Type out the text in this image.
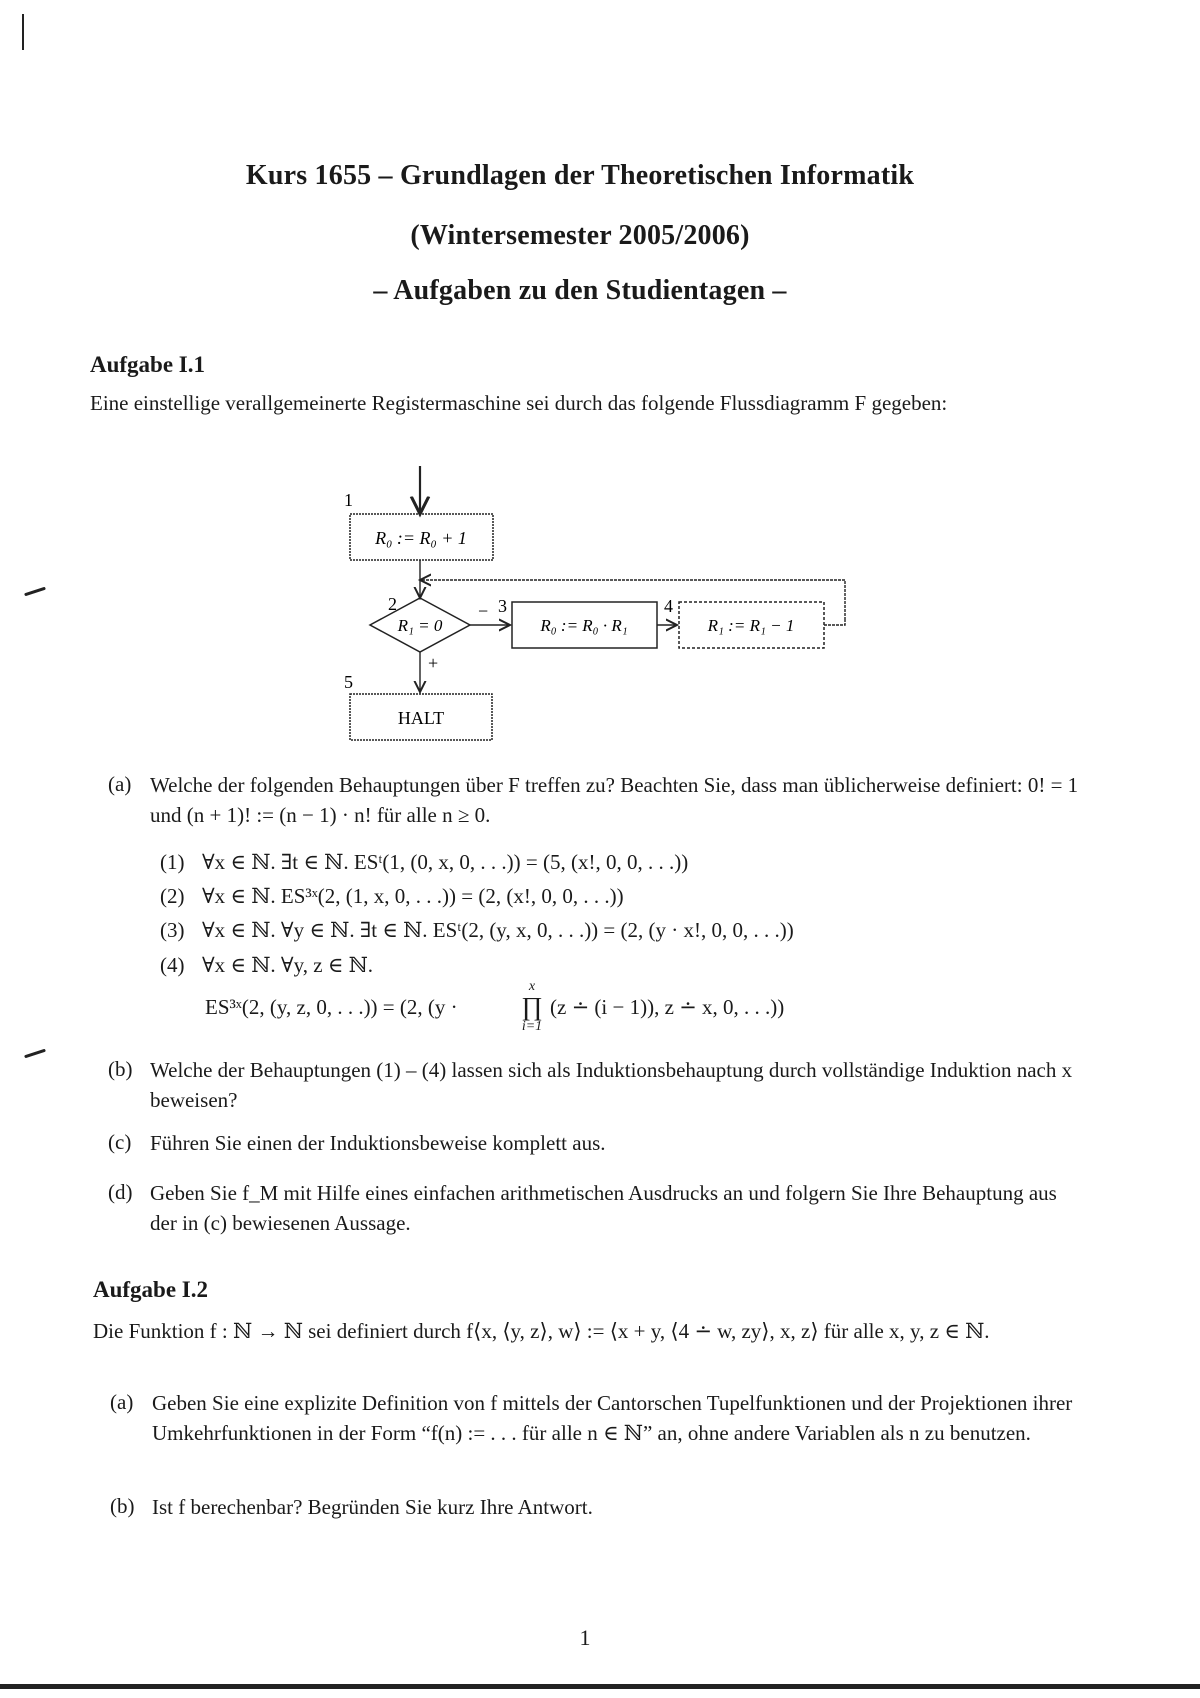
Kurs 1655 – Grundlagen der Theoretischen Informatik
(Wintersemester 2005/2006)
– Aufgaben zu den Studientagen –
Aufgabe I.1
Eine einstellige verallgemeinerte Registermaschine sei durch das folgende Flussdiagramm F gegeben:
1
R₀ := R₀ + 1
2
R₁ = 0
− 3
R₀ := R₀ · R₁
4
R₁ := R₁ − 1
+
5
HALT
(a) Welche der folgenden Behauptungen über F treffen zu? Beachten Sie, dass man üblicherweise definiert: 0! = 1 und (n + 1)! := (n − 1) · n! für alle n ≥ 0.
(1) ∀x ∈ ℕ. ∃t ∈ ℕ. ESᵗ(1, (0, x, 0, . . .)) = (5, (x!, 0, 0, . . .))
(2) ∀x ∈ ℕ. ES³ˣ(2, (1, x, 0, . . .)) = (2, (x!, 0, 0, . . .))
(3) ∀x ∈ ℕ. ∀y ∈ ℕ. ∃t ∈ ℕ. ESᵗ(2, (y, x, 0, . . .)) = (2, (y · x!, 0, 0, . . .))
(4) ∀x ∈ ℕ. ∀y, z ∈ ℕ.
ES³ˣ(2, (y, z, 0, . . .)) = (2, (y ·
x
∏
i=1
(z ∸ (i − 1)), z ∸ x, 0, . . .))
(b) Welche der Behauptungen (1) – (4) lassen sich als Induktionsbehauptung durch vollständige Induktion nach x beweisen?
(c) Führen Sie einen der Induktionsbeweise komplett aus.
(d) Geben Sie f_M mit Hilfe eines einfachen arithmetischen Ausdrucks an und folgern Sie Ihre Behauptung aus der in (c) bewiesenen Aussage.
Aufgabe I.2
Die Funktion f : ℕ → ℕ sei definiert durch f⟨x, ⟨y, z⟩, w⟩ := ⟨x + y, ⟨4 ∸ w, zy⟩, x, z⟩ für alle x, y, z ∈ ℕ.
(a) Geben Sie eine explizite Definition von f mittels der Cantorschen Tupelfunktionen und der Projektionen ihrer Umkehrfunktionen in der Form “f(n) := . . . für alle n ∈ ℕ” an, ohne andere Variablen als n zu benutzen.
(b) Ist f berechenbar? Begründen Sie kurz Ihre Antwort.
1
